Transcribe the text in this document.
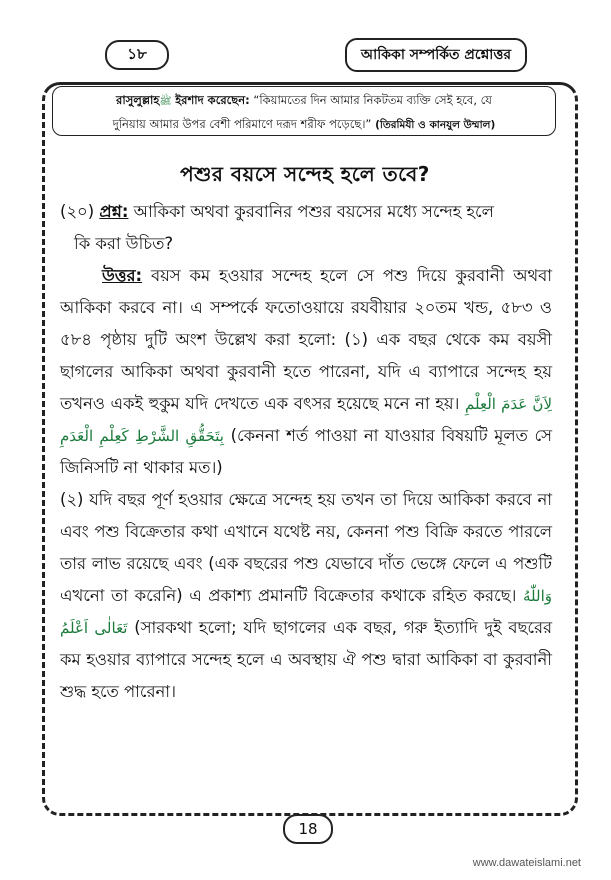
১৮	আকিকা সম্পর্কিত প্রশ্নোত্তর
রাসুলুল্লাহﷺ ইরশাদ করেছেন: “কিয়ামতের দিন আমার নিকটতম ব্যক্তি সেই হবে, যে
দুনিয়ায় আমার উপর বেশী পরিমাণে দরূদ শরীফ পড়েছে।” (তিরমিযী ও কানযুল উম্মাল)
পশুর বয়সে সন্দেহ হলে তবে?

(২০) প্রশ্ন: আকিকা অথবা কুরবানির পশুর বয়সের মধ্যে সন্দেহ হলে

কি করা উচিত?

উত্তর: বয়স কম হওয়ার সন্দেহ হলে সে পশু দিয়ে কুরবানী অথবা আকিকা করবে না। এ সম্পর্কে ফতোওয়ায়ে রযবীয়ার ২০তম খন্ড, ৫৮৩ ও ৫৮৪ পৃষ্ঠায় দুটি অংশ উল্লেখ করা হলো: (১) এক বছর থেকে কম বয়সী ছাগলের আকিকা অথবা কুরবানী হতে পারেনা, যদি এ ব্যাপারে সন্দেহ হয় তখনও একই হুকুম যদি দেখতে এক বৎসর হয়েছে মনে না হয়। لِاَنَّ عَدَمَ الْعِلْمِ بِتَحَقُّقِ الشَّرْطِ كَعِلْمِ الْعَدَمِ (কেননা শর্ত পাওয়া না যাওয়ার বিষয়টি মূলত সে জিনিসটি না থাকার মত।)

(২) যদি বছর পূর্ণ হওয়ার ক্ষেত্রে সন্দেহ হয় তখন তা দিয়ে আকিকা করবে না এবং পশু বিক্রেতার কথা এখানে যথেষ্ট নয়, কেননা পশু বিক্রি করতে পারলে তার লাভ রয়েছে এবং (এক বছরের পশু যেভাবে দাঁত ভেঙ্গে ফেলে এ পশুটি এখনো তা করেনি) এ প্রকাশ্য প্রমানটি বিক্রেতার কথাকে রহিত করছে। وَاللّٰهُ تَعَالٰى اَعْلَمُ (সারকথা হলো; যদি ছাগলের এক বছর, গরু ইত্যাদি দুই বছরের কম হওয়ার ব্যাপারে সন্দেহ হলে এ অবস্থায় ঐ পশু দ্বারা আকিকা বা কুরবানী শুদ্ধ হতে পারেনা।

18
www.dawateislami.net
